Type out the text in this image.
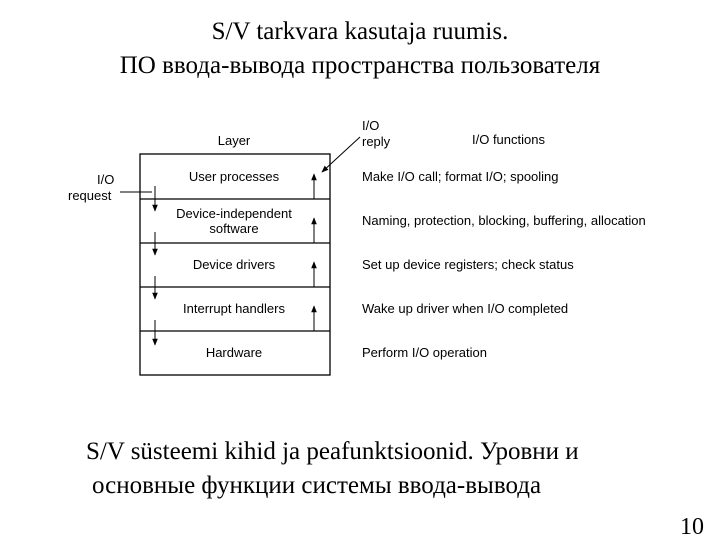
S/V tarkvara kasutaja ruumis.
ПО ввода-вывода пространства пользователя
Layer
I/O
reply	I/O functions
I/O
request
User processes
Device-independent
software
Device drivers
Interrupt handlers
Hardware
Make I/O call; format I/O; spooling
Naming, protection, blocking, buffering, allocation
Set up device registers; check status
Wake up driver when I/O completed
Perform I/O operation
S/V süsteemi kihid ja peafunktsioonid. Уровни и
основные функции системы ввода-вывода
10
